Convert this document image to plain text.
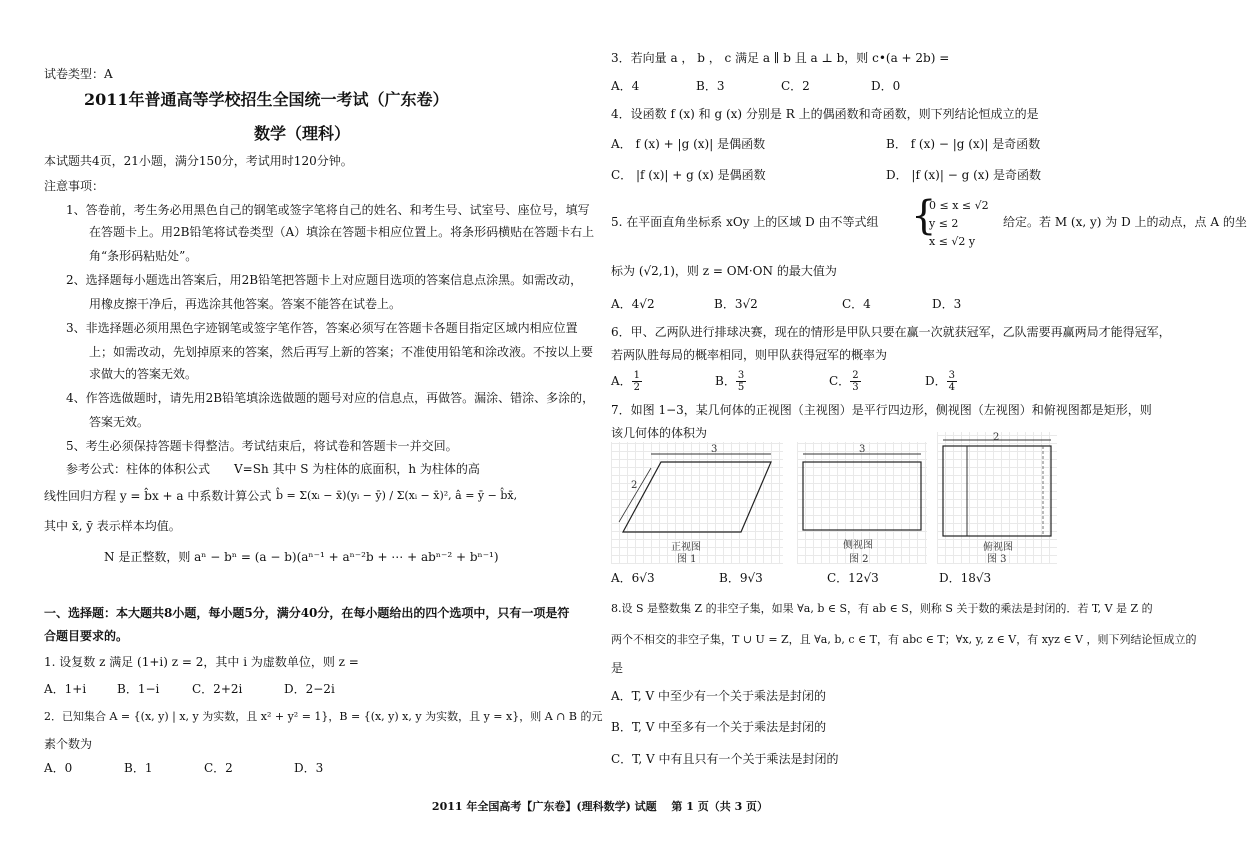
试卷类型：A
2011年普通高等学校招生全国统一考试（广东卷）
数学（理科）
本试题共4页，21小题，满分150分，考试用时120分钟。
注意事项：
1、答卷前，考生务必用黑色自己的钢笔或签字笔将自己的姓名、和考生号、试室号、座位号，填写
在答题卡上。用2B铅笔将试卷类型（A）填涂在答题卡相应位置上。将条形码横贴在答题卡右上
角“条形码粘贴处”。
2、选择题每小题选出答案后，用2B铅笔把答题卡上对应题目选项的答案信息点涂黑。如需改动，
用橡皮擦干净后，再选涂其他答案。答案不能答在试卷上。
3、非选择题必须用黑色字迹钢笔或签字笔作答，答案必须写在答题卡各题目指定区域内相应位置
上；如需改动，先划掉原来的答案，然后再写上新的答案；不准使用铅笔和涂改液。不按以上要
求做大的答案无效。
4、作答选做题时，请先用2B铅笔填涂选做题的题号对应的信息点，再做答。漏涂、错涂、多涂的，
答案无效。
5、考生必须保持答题卡得整洁。考试结束后，将试卷和答题卡一并交回。
参考公式：柱体的体积公式　　V=Sh 其中 S 为柱体的底面积，h 为柱体的高
线性回归方程 y = b̂x + a 中系数计算公式 b̂ = Σ(xᵢ − x̄)(yᵢ − ȳ) / Σ(xᵢ − x̄)², â = ȳ − b̂x̄,
其中 x̄, ȳ 表示样本均值。
N 是正整数，则 aⁿ − bⁿ = (a − b)(aⁿ⁻¹ + aⁿ⁻²b + ⋯ + abⁿ⁻² + bⁿ⁻¹)
一、选择题：本大题共8小题，每小题5分，满分40分，在每小题给出的四个选项中，只有一项是符
合题目要求的。
1. 设复数 z 满足 (1+i) z = 2，其中 i 为虚数单位，则 z =
A．1+i	B．1−i	C．2+2i	D．2−2i
2．已知集合 A = {(x, y) | x, y 为实数，且 x² + y² = 1}，B = {(x, y) x, y 为实数，且 y = x}，则 A ∩ B 的元
素个数为
A．0	B．1	C．2	D．3
3．若向量 a ， b ， c 满足 a ∥ b 且 a ⊥ b，则 c•(a + 2b) =
A．4	B．3	C．2	D．0
4．设函数 f (x) 和 g (x) 分别是 R 上的偶函数和奇函数，则下列结论恒成立的是
A． f (x) + |g (x)| 是偶函数	B． f (x) − |g (x)| 是奇函数
C． |f (x)| + g (x) 是偶函数	D． |f (x)| − g (x) 是奇函数
5. 在平面直角坐标系 xOy 上的区域 D 由不等式组 {
0 ≤ x ≤ √2
y ≤ 2
x ≤ √2 y
给定。若 M (x, y) 为 D 上的动点，点 A 的坐
标为 (√2,1)，则 z = OM·ON 的最大值为
A．4√2	B．3√2	C．4	D．3
6．甲、乙两队进行排球决赛，现在的情形是甲队只要在赢一次就获冠军，乙队需要再赢两局才能得冠军，
若两队胜每局的概率相同，则甲队获得冠军的概率为
A． $\frac{1}{2}$	B． $\frac{3}{5}$	C． $\frac{2}{3}$	D． $\frac{3}{4}$
7．如图 1−3，某几何体的正视图（主视图）是平行四边形，侧视图（左视图）和俯视图都是矩形，则
该几何体的体积为
3
2
正视图
图 1
3
侧视图
图 2
2
俯视图
图 3
A．6√3	B．9√3	C．12√3	D．18√3
8.设 S 是整数集 Z 的非空子集，如果 ∀a, b ∈ S，有 ab ∈ S，则称 S 关于数的乘法是封闭的．若 T, V 是 Z 的
两个不相交的非空子集，T ∪ U = Z，且 ∀a, b, c ∈ T，有 abc ∈ T；∀x, y, z ∈ V，有 xyz ∈ V ，则下列结论恒成立的
是
A．T, V 中至少有一个关于乘法是封闭的
B．T, V 中至多有一个关于乘法是封闭的
C．T, V 中有且只有一个关于乘法是封闭的
2011 年全国高考【广东卷】(理科数学) 试题　 第 1 页（共 3 页）
